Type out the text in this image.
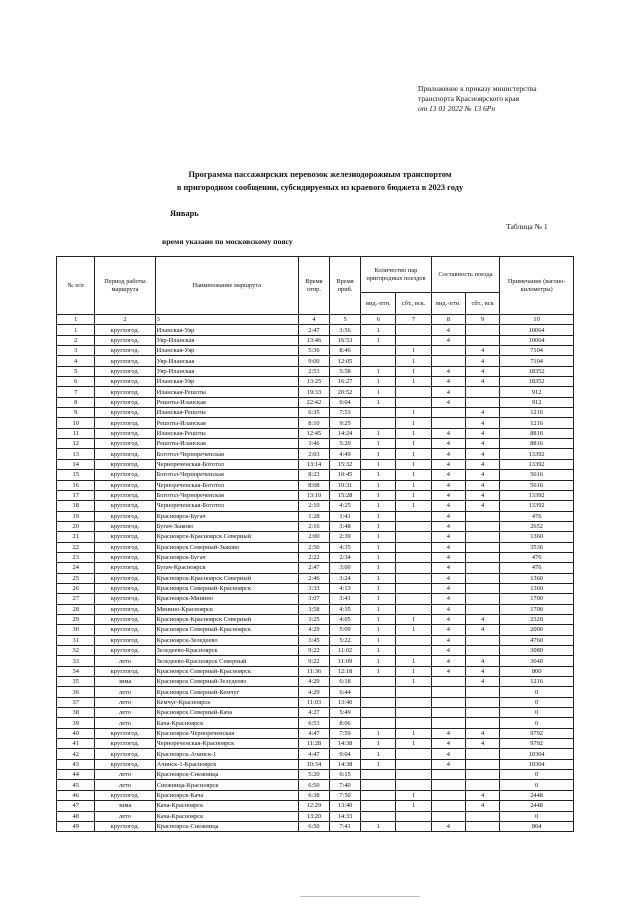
Приложение к приказу министерства
транспорта Красноярского края
от 13 01 2022 № 13 6Рп
Программа пассажирских перевозок железнодорожным транспортом
в пригородном сообщении, субсидируемых из краевого бюджета в 2023 году
Январь
Таблица № 1
время указано по московскому поясу
№ п/п	Период работы маршрута	Наименование маршрута	Время отпр.	Время приб.	Количество пар пригородных поездов		Составность поезда		Примечание (вагоно-километры)
					вид.-птн.	сбт., вск.	вид.-птн.	сбт., вск	
1	2	3	4	5	6	7	8	9	10
1	круглогод.	Иланская-Уяр	2:47	3:56	1		4		10064
2	круглогод.	Уяр-Иланская	13:46	16:53	1		4		10064
3	круглогод.	Иланская-Уяр	5:36	8:46		1		4	7104
4	круглогод.	Уяр-Иланская	9:00	12:05		1		4	7104
5	круглогод.	Уяр-Иланская	2:53	5:58	1	1	4	4	18352
6	круглогод.	Иланская-Уяр	13:25	16:27	1	1	4	4	18352
7	круглогод.	Иланская-Решоты	19:33	20:52	1		4		912
8	круглогод.	Решоты-Иланская	22:42	0:04	1		4		912
9	круглогод.	Иланская-Решоты	6:35	7:53		1		4	1216
10	круглогод.	Решоты-Иланская	8:10	9:25		1		4	1216
11	круглогод.	Иланская-Решоты	12:45	14:24	1	1	4	4	8816
12	круглогод.	Решоты-Иланская	3:46	5:20	1	1	4	4	8816
13	круглогод.	Боготол-Чернореченская	2:03	4:49	1	1	4	4	13392
14	круглогод.	Чернореченская-Боготол	13:14	15:32	1	1	4	4	13392
15	круглогод.	Боготол-Чернореченская	8:23	10:45	1	1	4	4	5616
16	круглогод.	Чернореченская-Боготол	8:08	10:31	1	1	4	4	5616
17	круглогод.	Боготол-Чернореченская	13:10	15:28	1	1	4	4	13392
18	круглогод.	Чернореченская-Боготол	2:10	4:25	1	1	4	4	13392
19	круглогод.	Красноярск-Бугач	1:28	1:41	1		4		476
20	круглогод.	Бугач-Зыково	2:16	3:48	1		4		2652
21	круглогод.	Красноярск-Красноярск Северный	2:00	2:39	1		4		1360
22	круглогод.	Красноярск Северный-Зыково	2:50	4:35	1		4		3536
23	круглогод.	Красноярск-Бугач	2:22	2:34	1		4		476
24	круглогод.	Бугач-Красноярск	2:47	3:00	1		4		476
25	круглогод.	Красноярск-Красноярск Северный	2:46	3:24	1		4		1360
26	круглогод.	Красноярск Северный-Красноярск	3:33	4:13	1		4		1360
27	круглогод.	Красноярск-Минино	3:07	3:41	1		4		1700
28	круглогод.	Минино-Красноярск	3:58	4:35	1		4		1700
29	круглогод.	Красноярск-Красноярск Северный	3:25	4:05	1	1	4	4	2320
30	круглогод.	Красноярск Северный-Красноярск	4:29	5:09	1	1	4	4	2000
31	круглогод.	Красноярск-Зеледеево	3:45	5:22	1		4		4760
32	круглогод.	Зеледеево-Красноярск	9:22	11:02	1		4		3080
33	лето	Зеледеево-Красноярск Северный	9:22	11:09	1	1	4	4	3040
34	круглогод.	Красноярск Северный-Красноярск	11:36	12:18	1	1	4	4	800
35	зима	Красноярск Северный-Зеледеево	4:29	6:18		1		4	1216
36	лето	Красноярск Северный-Кемчуг	4:29	6:44					0
37	лето	Кемчуг-Красноярск	11:03	13:40					0
38	лето	Красноярск Северный-Кача	4:27	5:49					0
39	лето	Кача-Красноярск	6:53	8:06					0
40	круглогод.	Красноярск-Чернореченская	4:47	7:59	1	1	4	4	9792
41	круглогод.	Чернореченская-Красноярск	11:28	14:38	1	1	4	4	9792
42	круглогод.	Красноярск-Ачинск-1	4:47	9:04	1		4		10304
43	круглогод.	Ачинск-1-Красноярск	10:34	14:38	1		4		10304
44	лето	Красноярск-Снежница	5:20	6:15					0
45	лето	Снежница-Красноярск	6:50	7:40					0
46	круглогод.	Красноярск-Кача	6:38	7:50		1		4	2448
47	зима	Кача-Красноярск	12:29	13:40		1		4	2448
48	лето	Кача-Красноярск	13:20	14:33					0
49	круглогод.	Красноярск-Снежница	6:50	7:41	1		4		864
